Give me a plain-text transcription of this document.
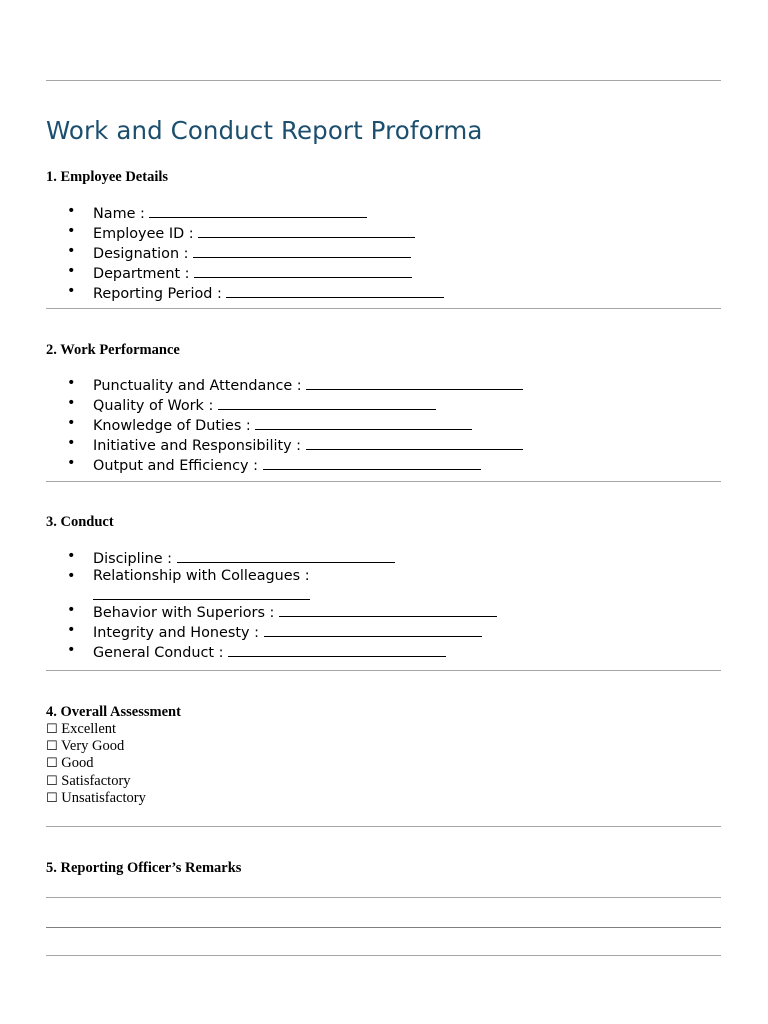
Work and Conduct Report Proforma
1. Employee Details
• Name :
• Employee ID :
• Designation :
• Department :
• Reporting Period :
2. Work Performance
• Punctuality and Attendance :
• Quality of Work :
• Knowledge of Duties :
• Initiative and Responsibility :
• Output and Efficiency :
3. Conduct
• Discipline :
• Relationship with Colleagues :

• Behavior with Superiors :
• Integrity and Honesty :
• General Conduct :
4. Overall Assessment
☐ Excellent
☐ Very Good
☐ Good
☐ Satisfactory
☐ Unsatisfactory
5. Reporting Officer’s Remarks
